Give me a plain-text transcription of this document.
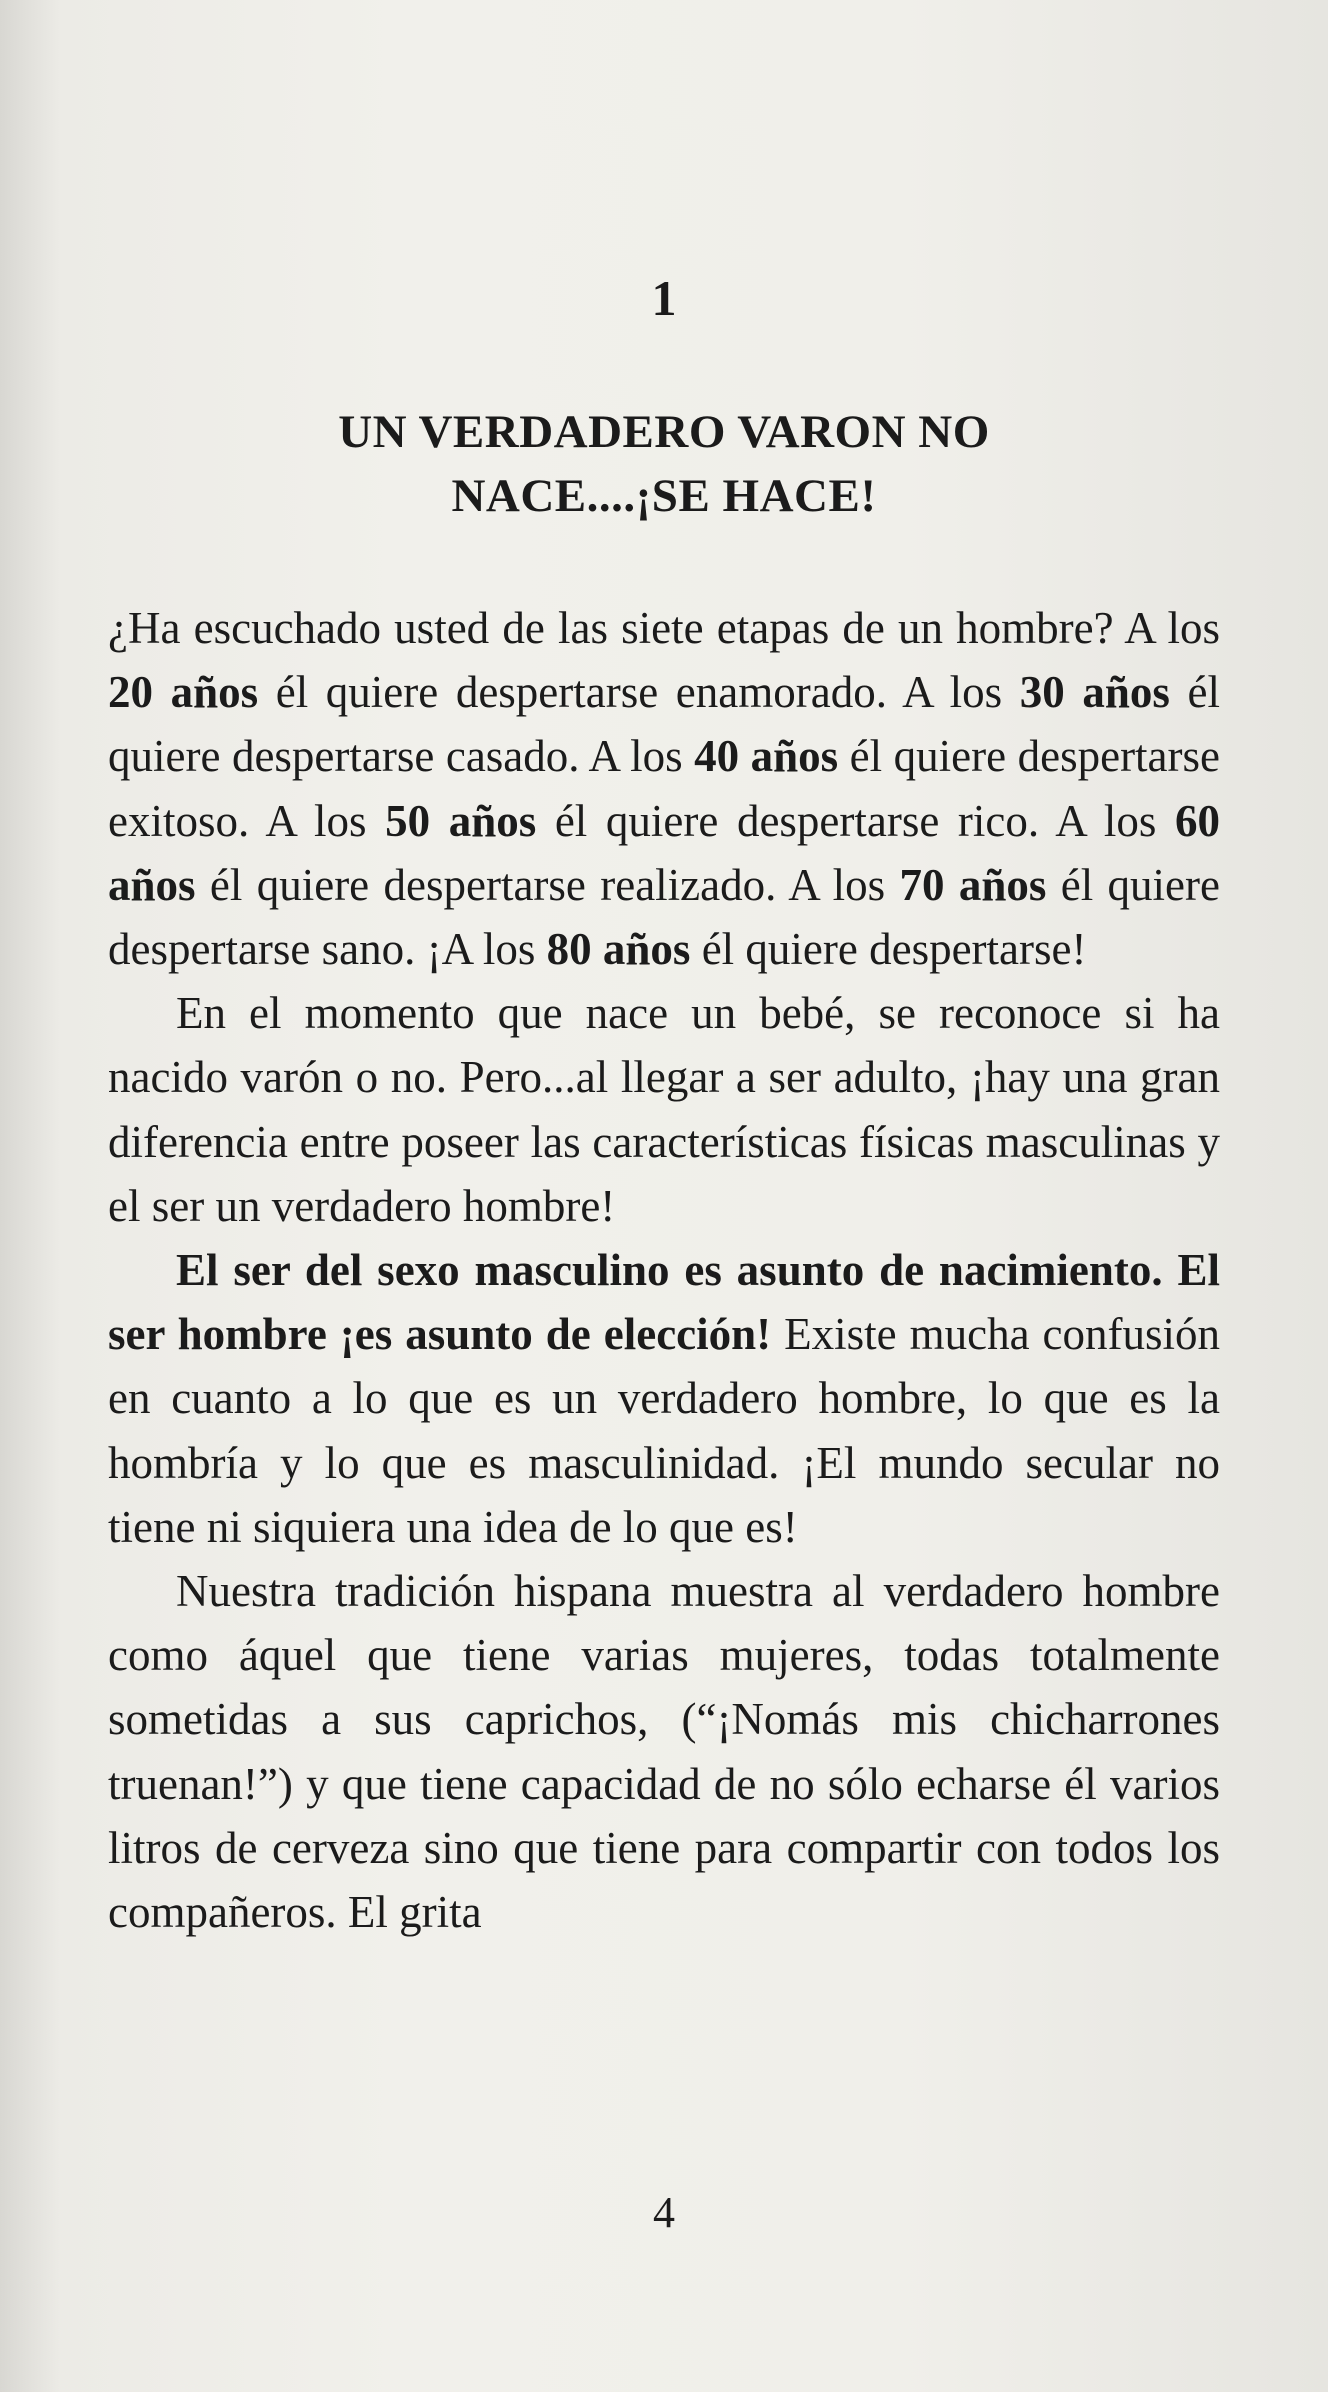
1
UN VERDADERO VARON NO
NACE....¡SE HACE!

¿Ha escuchado usted de las siete etapas de un hombre? A los 20 años él quiere despertarse enamorado. A los 30 años él quiere despertarse casado. A los 40 años él quiere despertarse exitoso. A los 50 años él quiere despertarse rico. A los 60 años él quiere despertarse realizado. A los 70 años él quiere despertarse sano. ¡A los 80 años él quiere despertarse!

En el momento que nace un bebé, se reconoce si ha nacido varón o no. Pero...al llegar a ser adulto, ¡hay una gran diferencia entre poseer las características físicas masculinas y el ser un verdadero hombre!

El ser del sexo masculino es asunto de nacimiento. El ser hombre ¡es asunto de elección! Existe mucha confusión en cuanto a lo que es un verdadero hombre, lo que es la hombría y lo que es masculinidad. ¡El mundo secular no tiene ni siquiera una idea de lo que es!

Nuestra tradición hispana muestra al verdadero hombre como áquel que tiene varias mujeres, todas totalmente sometidas a sus caprichos, (“¡Nomás mis chicharrones truenan!”) y que tiene capacidad de no sólo echarse él varios litros de cerveza sino que tiene para compartir con todos los compañeros. El grita

4
